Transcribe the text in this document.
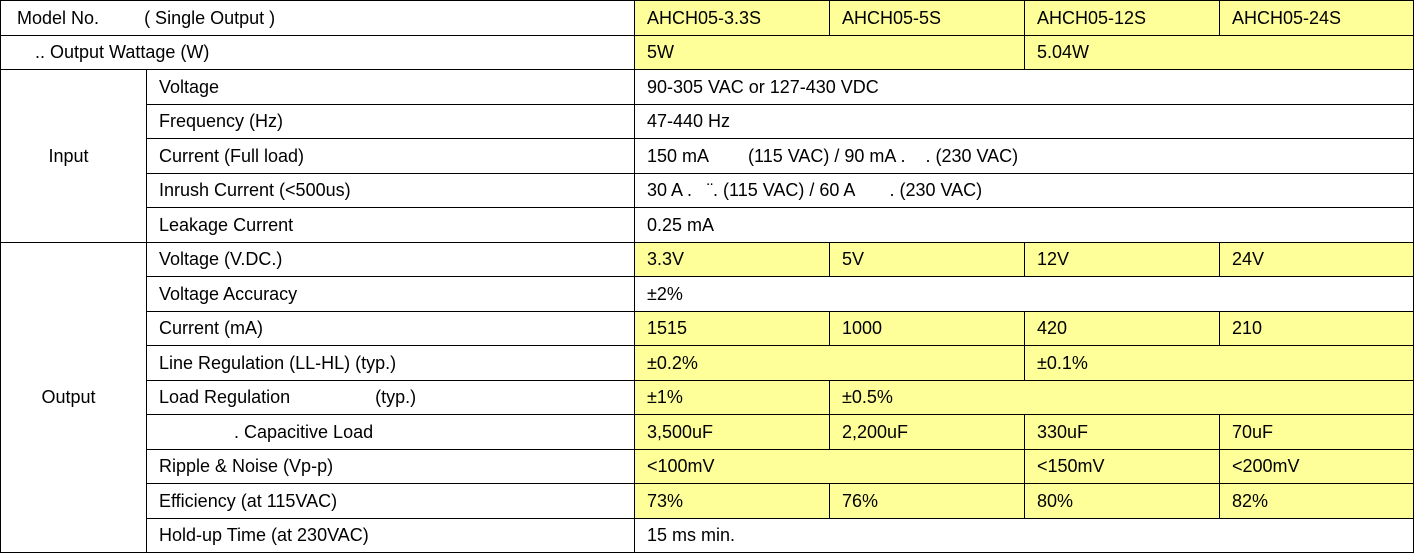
Model No. ( Single Output )		AHCH05-3.3S	AHCH05-5S	AHCH05-12S	AHCH05-24S
.. Output Wattage (W)		5W		5.04W	
Input	Voltage	90-305 VAC or 127-430 VDC			
	Frequency (Hz)	47-440 Hz			
	Current (Full load)	150 mA        (115 VAC) / 90 mA .    . (230 VAC)			
	Inrush Current (<500us)	30 A .   ¨. (115 VAC) / 60 A       . (230 VAC)			
	Leakage Current	0.25 mA			
Output	Voltage (V.DC.)	3.3V	5V	12V	24V
	Voltage Accuracy	±2%			
	Current (mA)	1515	1000	420	210
	Line Regulation (LL-HL) (typ.)	±0.2%		±0.1%	
	Load Regulation                 (typ.)	±1%	±0.5%		
	. Capacitive Load	3,500uF	2,200uF	330uF	70uF
	Ripple & Noise (Vp-p)	<100mV		<150mV	<200mV
	Efficiency (at 115VAC)	73%	76%	80%	82%
	Hold-up Time (at 230VAC)	15 ms min.			
